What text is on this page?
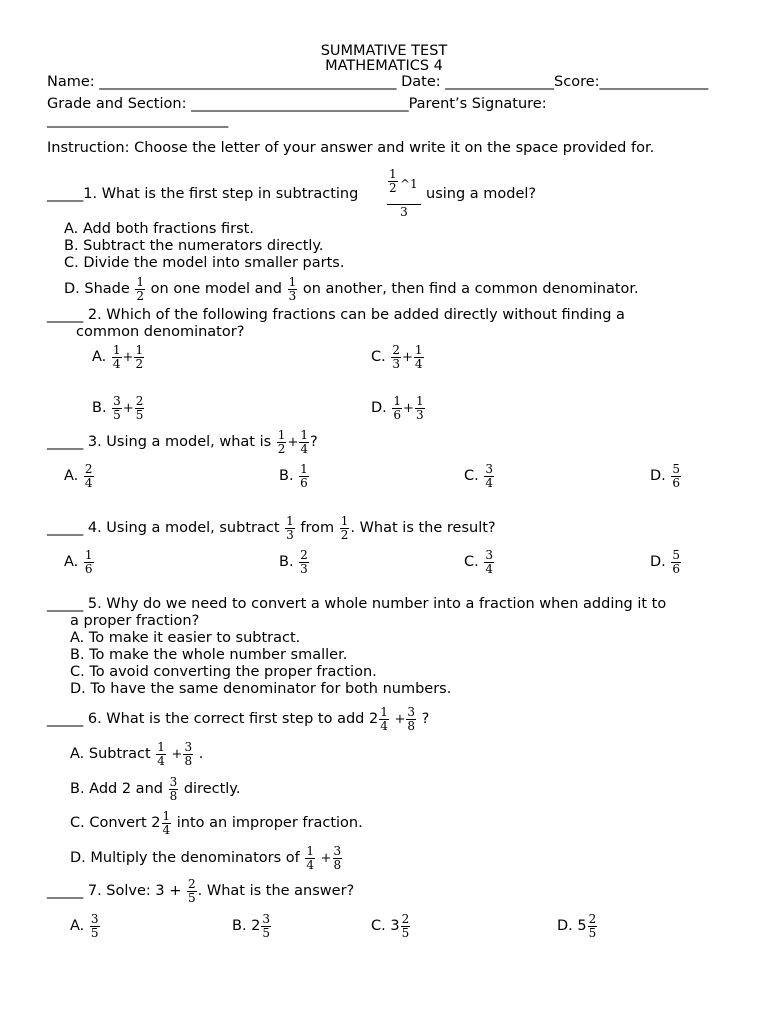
SUMMATIVE TEST
MATHEMATICS 4
Name: _________________________________________ Date: _______________Score:_______________
Grade and Section: ______________________________Parent’s Signature:
_________________________
Instruction: Choose the letter of your answer and write it on the space provided for.
_____1. What is the first step in subtracting $\frac{1}{2}$ ^1
3
using a model?
A. Add both fractions first.
B. Subtract the numerators directly.
C. Divide the model into smaller parts.
D. Shade $\frac{1}{2}$ on one model and $\frac{1}{3}$ on another, then find a common denominator.
_____ 2. Which of the following fractions can be added directly without finding a
common denominator?
A. $\frac{1}{4} + \frac{1}{2}$	C. $\frac{2}{3} + \frac{1}{4}$
B. $\frac{3}{5} + \frac{2}{5}$	D. $\frac{1}{6} + \frac{1}{3}$
_____ 3. Using a model, what is $\frac{1}{2} + \frac{1}{4}$ ?
A. $\frac{2}{4}$	B. $\frac{1}{6}$	C. $\frac{3}{4}$	D. $\frac{5}{6}$
_____ 4. Using a model, subtract $\frac{1}{3}$ from $\frac{1}{2}$ . What is the result?
A. $\frac{1}{6}$	B. $\frac{2}{3}$	C. $\frac{3}{4}$	D. $\frac{5}{6}$
_____ 5. Why do we need to convert a whole number into a fraction when adding it to
a proper fraction?
A. To make it easier to subtract.
B. To make the whole number smaller.
C. To avoid converting the proper fraction.
D. To have the same denominator for both numbers.
_____ 6. What is the correct first step to add $2 \frac{1}{4} + \frac{3}{8}$ ?
A. Subtract $\frac{1}{4} + \frac{3}{8}$ .
B. Add 2 and $\frac{3}{8}$ directly.
C. Convert $2 \frac{1}{4}$ into an improper fraction.
D. Multiply the denominators of $\frac{1}{4} + \frac{3}{8}$
_____ 7. Solve: $3 + \frac{2}{5}$ . What is the answer?
A. $\frac{3}{5}$	B. $2 \frac{3}{5}$	C. $3 \frac{2}{5}$	D. $5 \frac{2}{5}$
